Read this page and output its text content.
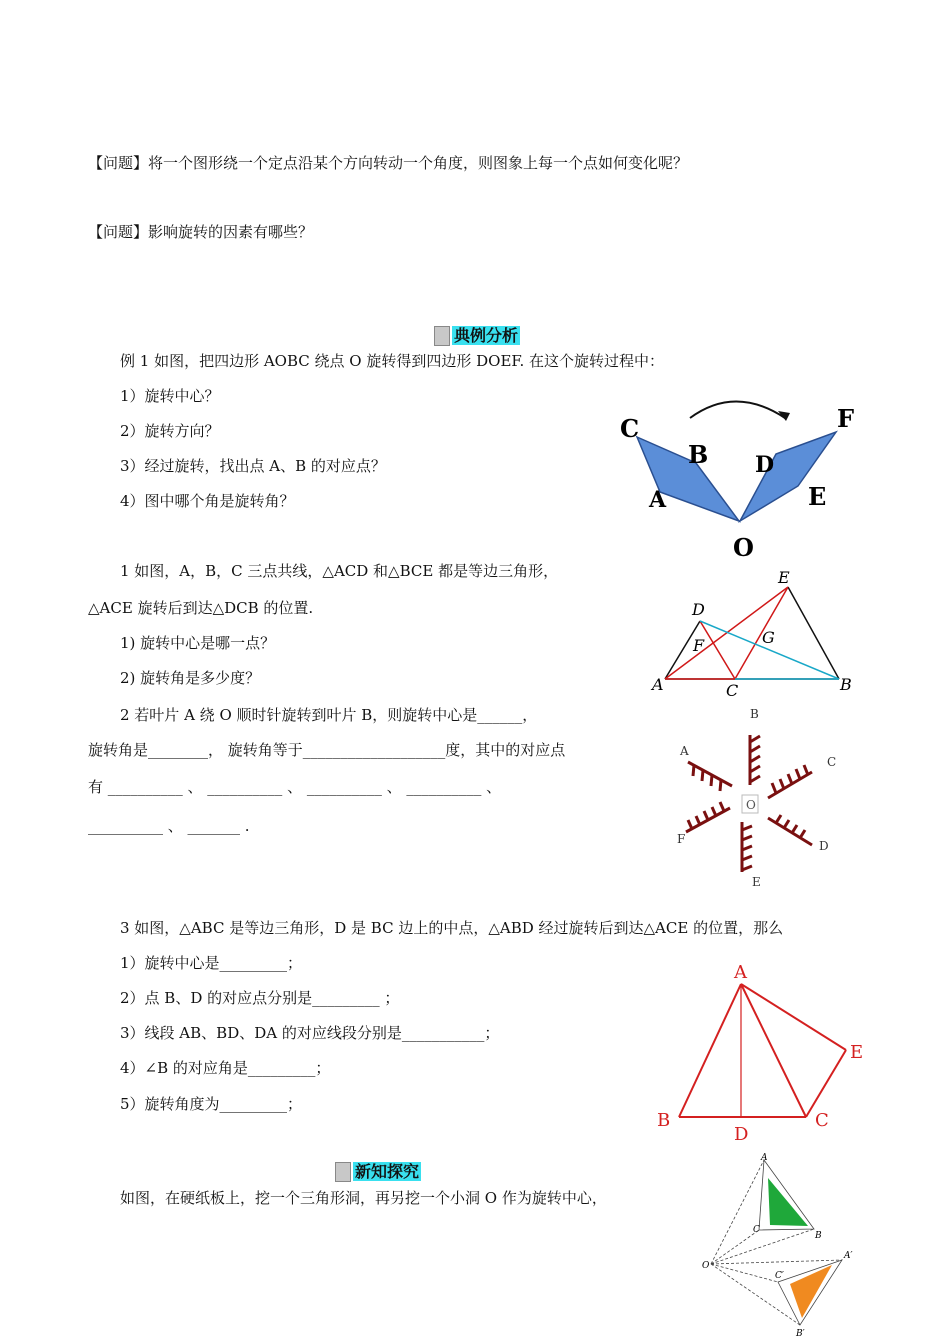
【问题】将一个图形绕一个定点沿某个方向转动一个角度，则图象上每一个点如何变化呢？
【问题】影响旋转的因素有哪些？
典例分析
例 1 如图，把四边形 AOBC 绕点 O 旋转得到四边形 DOEF. 在这个旋转过程中：
1）旋转中心？
2）旋转方向？
3）经过旋转，找出点 A、B 的对应点？
4）图中哪个角是旋转角？
C
B
A
D
F
E
O
1 如图，A，B，C 三点共线，△ACD 和△BCE 都是等边三角形，
△ACE 旋转后到达△DCB 的位置.
1) 旋转中心是哪一点？
2) 旋转角是多少度？
E
D
F	G
A	C	B
2 若叶片 A 绕 O 顺时针旋转到叶片 B，则旋转中心是______，
旋转角是________， 旋转角等于___________________度，其中的对应点
有 __________ 、 __________ 、 __________ 、 __________ 、
__________ 、 _______ .
O
B
A
C
F	D
E
3 如图，△ABC 是等边三角形，D 是 BC 边上的中点，△ABD 经过旋转后到达△ACE 的位置，那么
1）旋转中心是_________；
2）点 B、D 的对应点分别是_________ ；
3）线段 AB、BD、DA 的对应线段分别是___________；
4）∠B 的对应角是_________；
5）旋转角度为_________；
A
E
B
D
C
新知探究
如图，在硬纸板上，挖一个三角形洞，再另挖一个小洞 O 作为旋转中心，
A
C
B
O
A′
C′
B′
